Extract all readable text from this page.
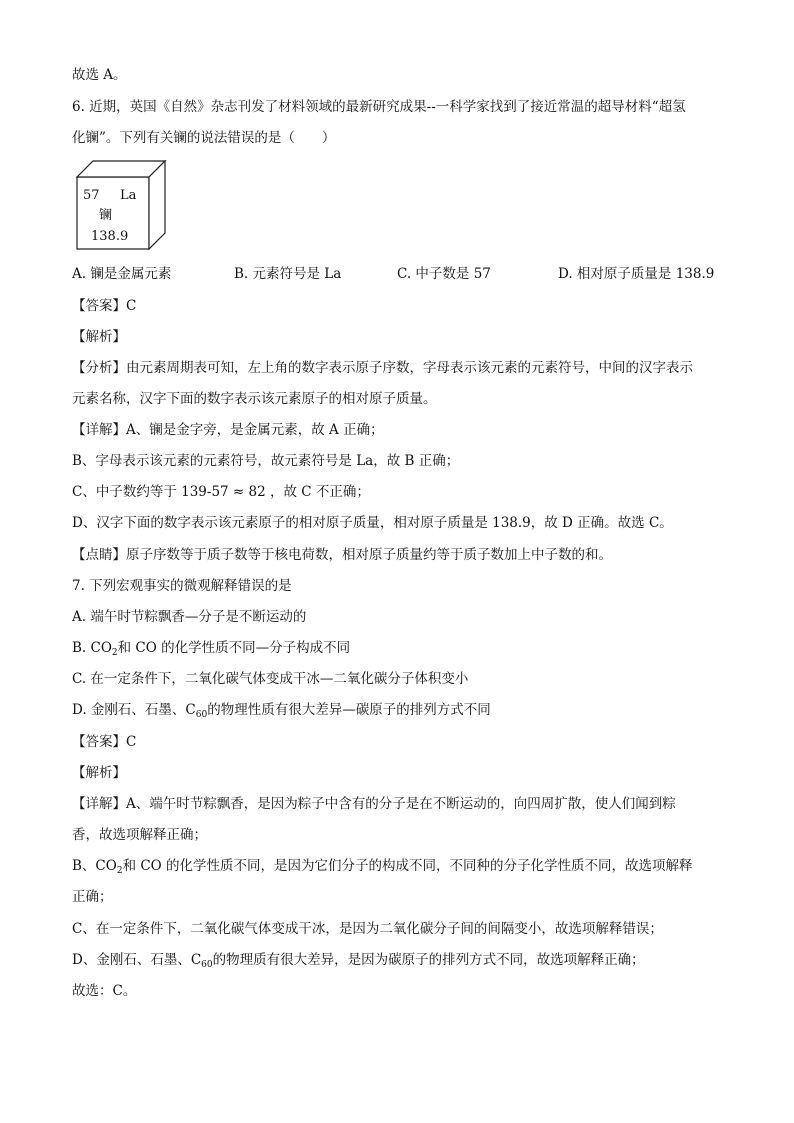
故选 A。
6. 近期，英国《自然》杂志刊发了材料领域的最新研究成果--一科学家找到了接近常温的超导材料“超氢
化镧”。下列有关镧的说法错误的是（　　）
57 La
镧
138.9
A. 镧是金属元素	B. 元素符号是 La	C. 中子数是 57	D. 相对原子质量是 138.9
【答案】C
【解析】
【分析】由元素周期表可知，左上角的数字表示原子序数，字母表示该元素的元素符号，中间的汉字表示
元素名称，汉字下面的数字表示该元素原子的相对原子质量。
【详解】A、镧是金字旁，是金属元素，故 A 正确；
B、字母表示该元素的元素符号，故元素符号是 La，故 B 正确；
C、中子数约等于 139-57 ≈ 82 ，故 C 不正确；
D、汉字下面的数字表示该元素原子的相对原子质量，相对原子质量是 138.9，故 D 正确。故选 C。
【点睛】原子序数等于质子数等于核电荷数，相对原子质量约等于质子数加上中子数的和。
7. 下列宏观事实的微观解释错误的是
A. 端午时节粽飘香—分子是不断运动的
B. $CO_2$和 CO 的化学性质不同—分子构成不同
C. 在一定条件下，二氧化碳气体变成干冰—二氧化碳分子体积变小
D. 金刚石、石墨、$C_{60}$的物理性质有很大差异—碳原子的排列方式不同
【答案】C
【解析】
【详解】A、端午时节粽飘香，是因为粽子中含有的分子是在不断运动的，向四周扩散，使人们闻到粽
香，故选项解释正确；
B、$CO_2$和 CO 的化学性质不同，是因为它们分子的构成不同，不同种的分子化学性质不同，故选项解释
正确；
C、在一定条件下，二氧化碳气体变成干冰，是因为二氧化碳分子间的间隔变小，故选项解释错误；
D、金刚石、石墨、$C_{60}$的物理质有很大差异，是因为碳原子的排列方式不同，故选项解释正确；
故选：C。
